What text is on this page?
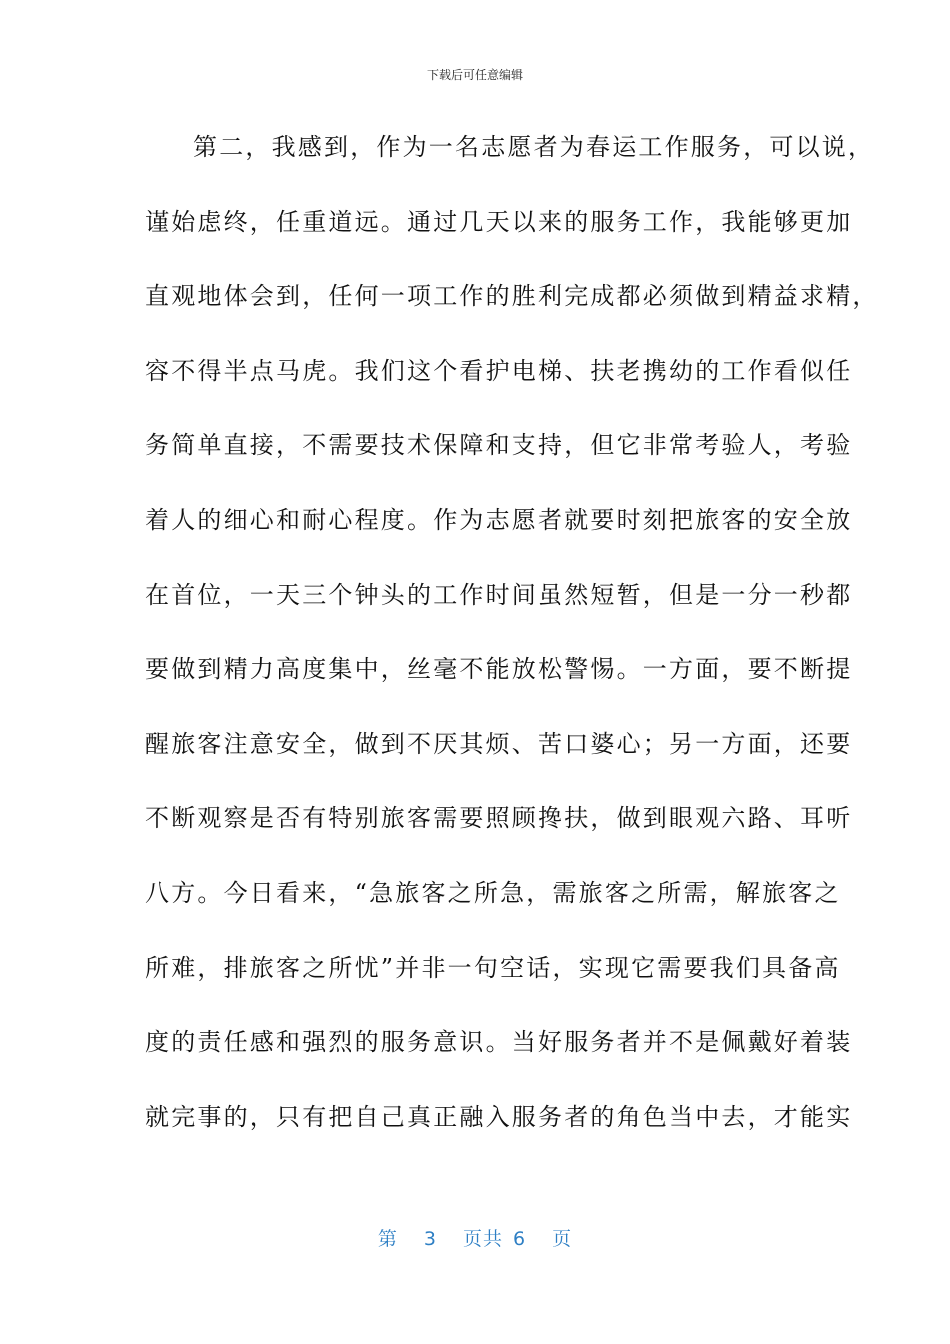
下载后可任意编辑
第二，我感到，作为一名志愿者为春运工作服务，可以说，
谨始虑终，任重道远。通过几天以来的服务工作，我能够更加
直观地体会到，任何一项工作的胜利完成都必须做到精益求精，
容不得半点马虎。我们这个看护电梯、扶老携幼的工作看似任
务简单直接，不需要技术保障和支持，但它非常考验人，考验
着人的细心和耐心程度。作为志愿者就要时刻把旅客的安全放
在首位，一天三个钟头的工作时间虽然短暂，但是一分一秒都
要做到精力高度集中，丝毫不能放松警惕。一方面，要不断提
醒旅客注意安全，做到不厌其烦、苦口婆心；另一方面，还要
不断观察是否有特别旅客需要照顾搀扶，做到眼观六路、耳听
八方。今日看来，“急旅客之所急，需旅客之所需，解旅客之
所难，排旅客之所忧”并非一句空话，实现它需要我们具备高
度的责任感和强烈的服务意识。当好服务者并不是佩戴好着装
就完事的，只有把自己真正融入服务者的角色当中去，才能实
第 3 页共 6 页
